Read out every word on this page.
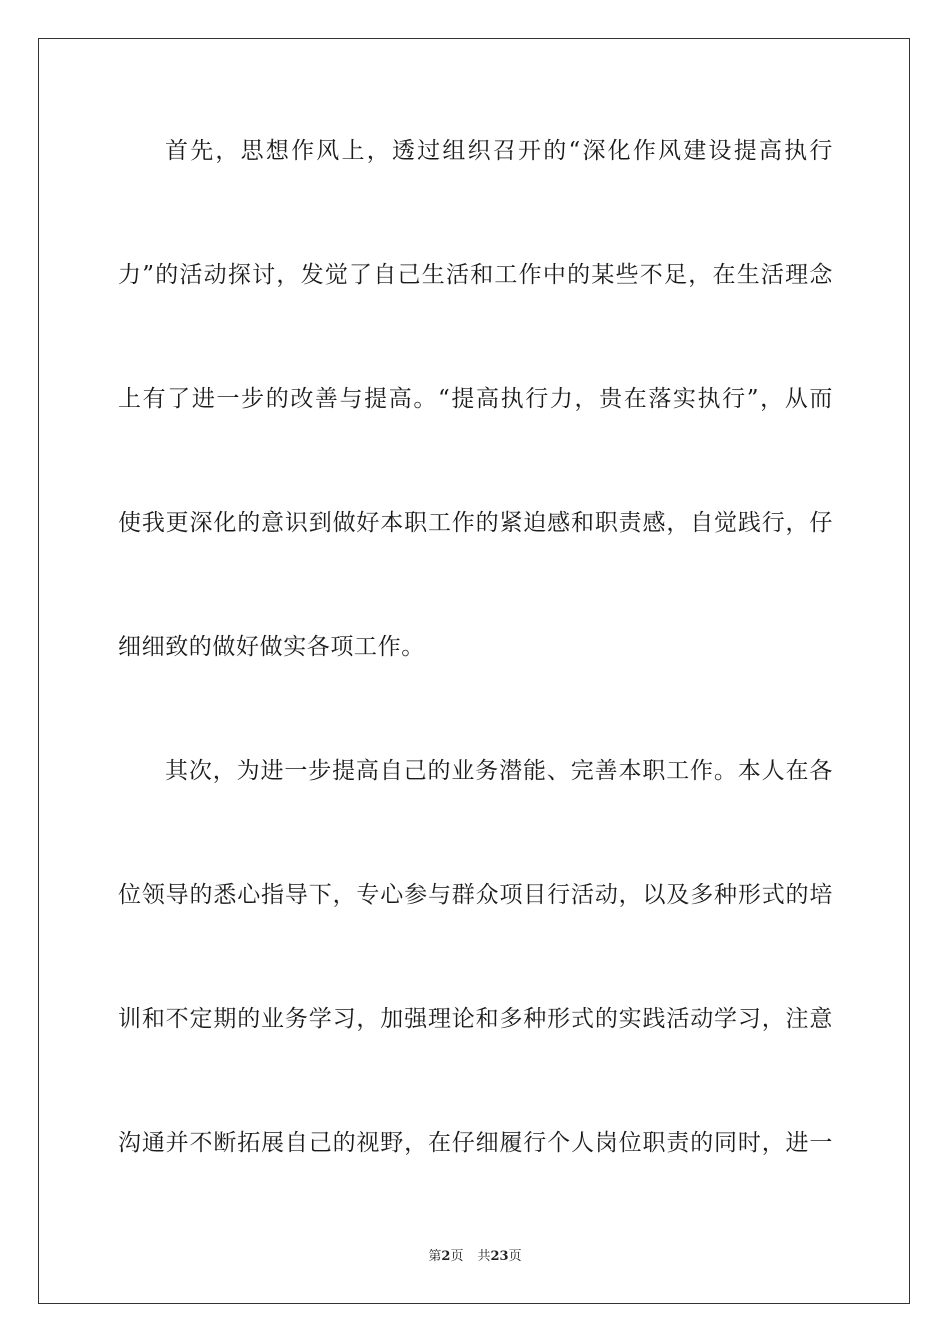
首先，思想作风上，透过组织召开的“深化作风建设提高执行
力”的活动探讨，发觉了自己生活和工作中的某些不足，在生活理念
上有了进一步的改善与提高。“提高执行力，贵在落实执行”，从而
使我更深化的意识到做好本职工作的紧迫感和职责感，自觉践行，仔
细细致的做好做实各项工作。
其次，为进一步提高自己的业务潜能、完善本职工作。本人在各
位领导的悉心指导下，专心参与群众项目行活动，以及多种形式的培
训和不定期的业务学习，加强理论和多种形式的实践活动学习，注意
沟通并不断拓展自己的视野，在仔细履行个人岗位职责的同时，进一
第2页 共23页
